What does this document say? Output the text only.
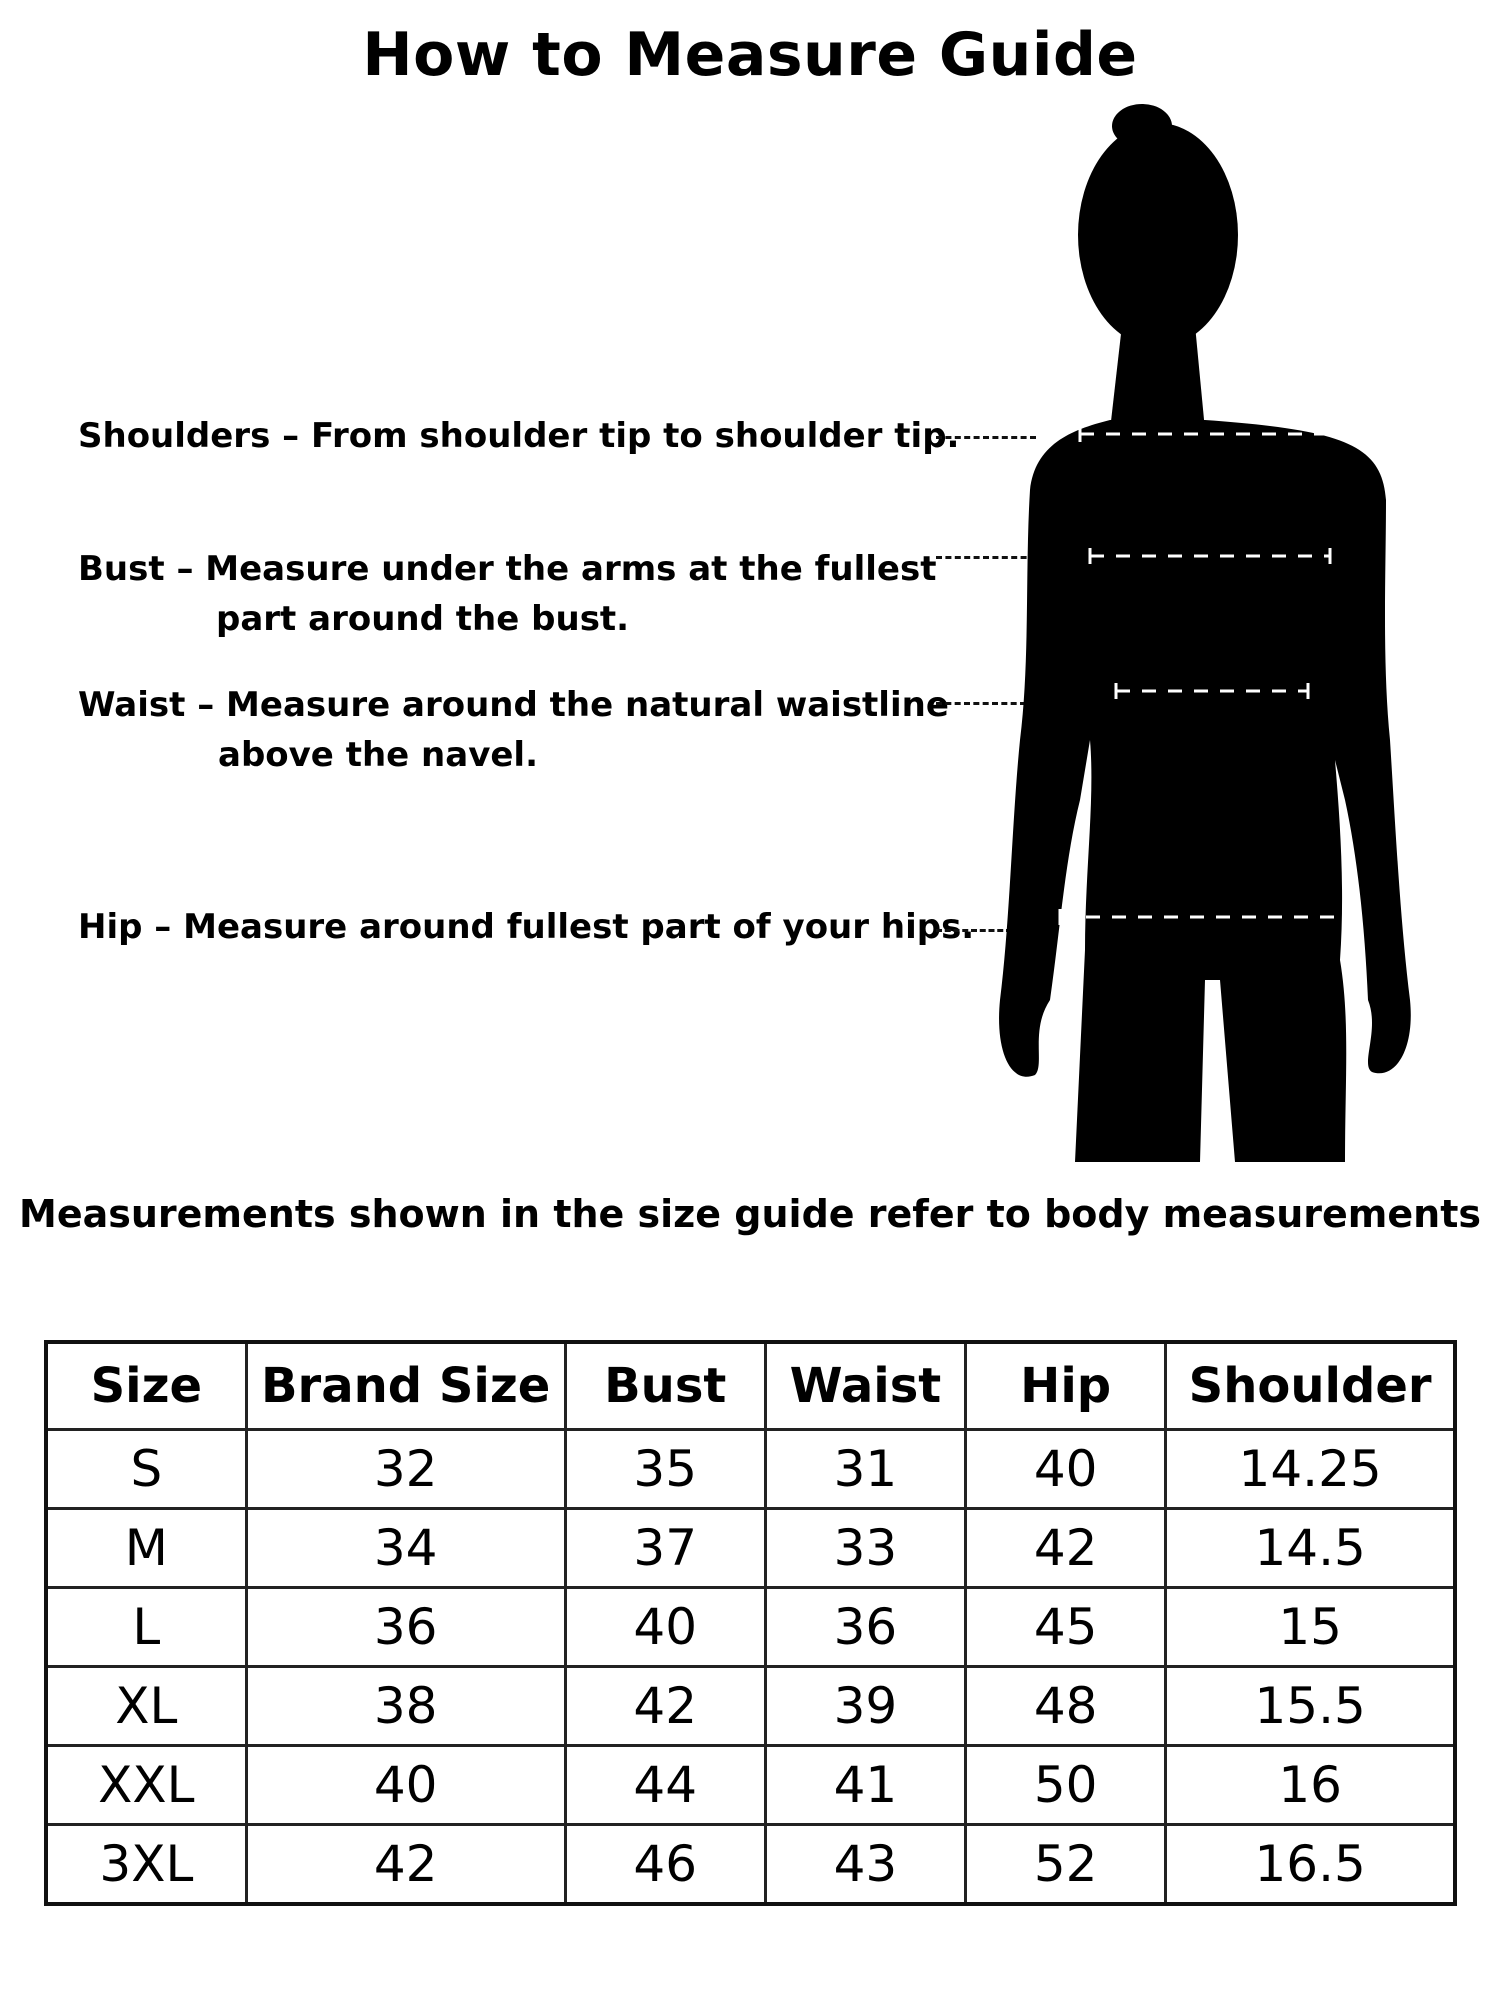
How to Measure Guide
Shoulders – From shoulder tip to shoulder tip.
Bust – Measure under the arms at the fullest
part around the bust.
Waist – Measure around the natural waistline
above the navel.
Hip – Measure around fullest part of your hips.
Measurements shown in the size guide refer to body measurements
Size	Brand Size	Bust	Waist	Hip	Shoulder
S	32	35	31	40	14.25
M	34	37	33	42	14.5
L	36	40	36	45	15
XL	38	42	39	48	15.5
XXL	40	44	41	50	16
3XL	42	46	43	52	16.5
